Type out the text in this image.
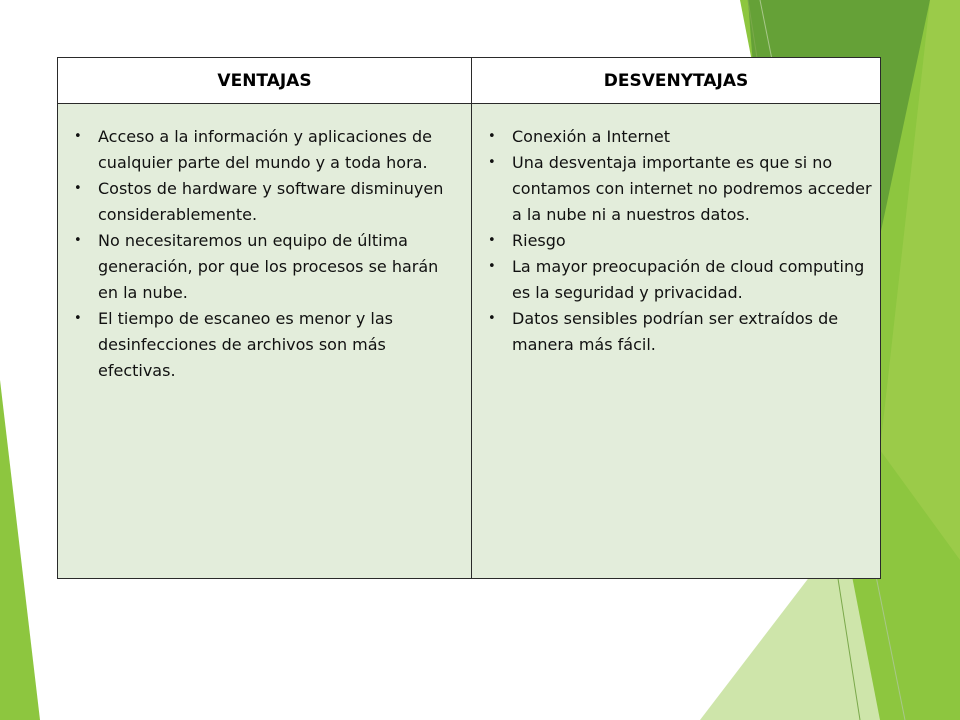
VENTAJAS	DESVENYTAJAS
• Acceso a la información y aplicaciones de cualquier parte del mundo y a toda hora.
• Costos de hardware y software disminuyen considerablemente.
• No necesitaremos un equipo de última generación, por que los procesos se harán en la nube.
• El tiempo de escaneo es menor y las desinfecciones de archivos son más efectivas.
• Conexión a Internet
• Una desventaja importante es que si no contamos con internet no podremos acceder a la nube ni a nuestros datos.
• Riesgo
• La mayor preocupación de cloud computing es la seguridad y privacidad.
• Datos sensibles podrían ser extraídos de manera más fácil.
